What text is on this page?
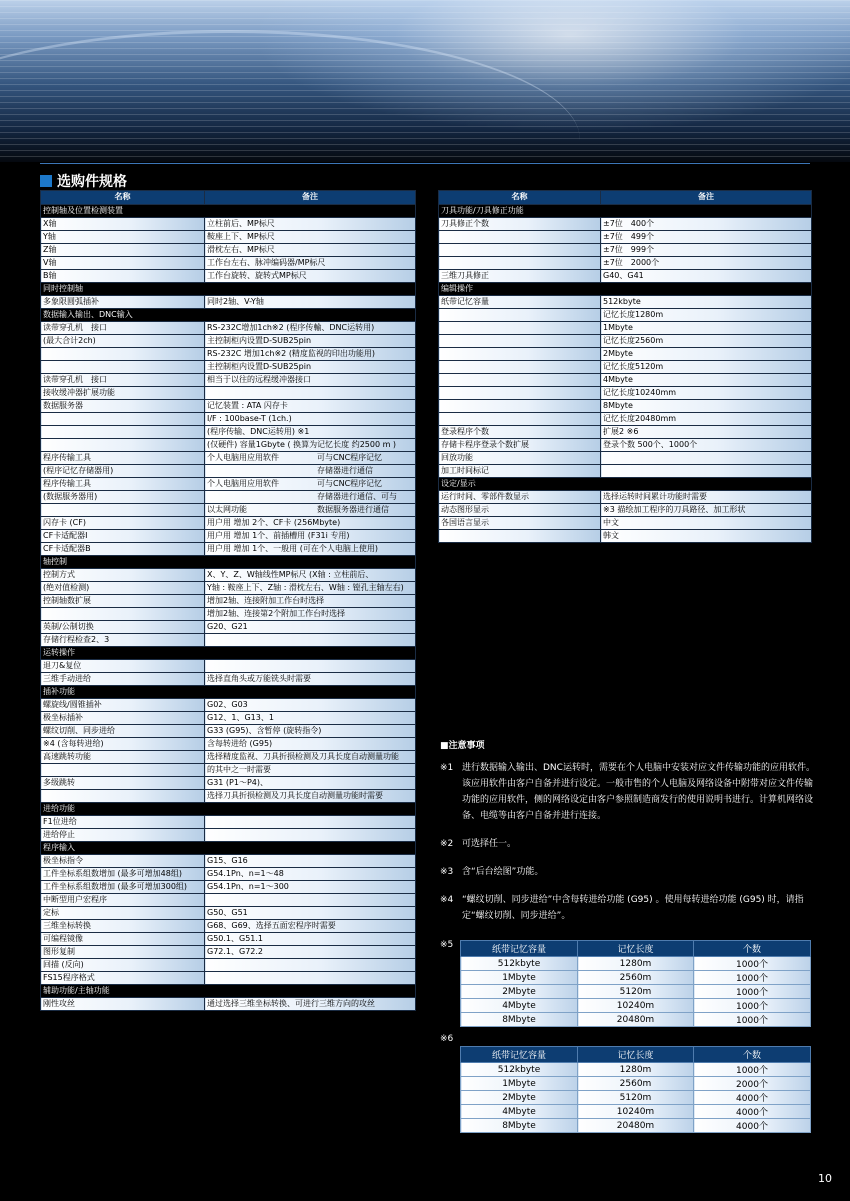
选购件规格
名称	备注
控制轴及位置检测装置	
X轴	立柱前后、MP标尺
Y轴	鞍座上下、MP标尺
Z轴	滑枕左右、MP标尺
V轴	工作台左右、脉冲编码器/MP标尺
B轴	工作台旋转、旋转式MP标尺
同时控制轴	
多象限圆弧插补	同时2轴、V-Y轴
数据输入输出、DNC输入	
读带穿孔机　接口	RS-232C增加1ch※2 (程序传輸、DNC运转用)
(最大合计2ch)	主控制柜内设置D-SUB25pin
	RS-232C 增加1ch※2 (精度监视的印出功能用)
	主控制柜内设置D-SUB25pin
读带穿孔机　接口	相当于以往的远程缓冲器接口
接收缓冲器扩展功能	
数据服务器	记忆装置 : ATA 闪存卡
	I/F : 100base-T (1ch.)
	(程序传输、DNC运转用) ※1
	(仅硬件) 容量1Gbyte ( 换算为记忆长度 约2500 m )
程序传输工具	个人电脑用应用软件 可与CNC程序记忆

(程序记忆存储器用)	存储器进行通信

程序传输工具	个人电脑用应用软件 可与CNC程序记忆

(数据服务器用)	存储器进行通信、可与

	以太网功能 数据服务器进行通信

闪存卡 (CF)	用户用 增加 2个、CF卡 (256Mbyte)
CF卡适配器I	用户用 增加 1个、前插槽用 (F31i 专用)
CF卡适配器B	用户用 增加 1个、一般用 (可在个人电脑上使用)
轴控制	
控制方式	X、Y、Z、W轴线性MP标尺 (X轴 : 立柱前后、
(绝对值检测)	Y轴 : 鞍座上下、Z轴 : 滑枕左右、W轴 : 镗孔主轴左右)
控制轴数扩展	增加2轴、连接附加工作台时选择
	增加2轴、连接第2个附加工作台时选择
英制/公制切换	G20、G21
存储行程检查2、3	
运转操作	
退刀&复位	
三维手动进给	选择直角头或万能铣头时需要
插补功能	
螺旋线/圆锥插补	G02、G03
极坐标插补	G12、1、G13、1
螺纹切削、同步进给	G33 (G95)、含暂停 (旋转指令)
※4 (含每转进给)	含每转进给 (G95)
高速跳转功能	选择精度监视、刀具折损检测及刀具长度自动测量功能
	的其中之一时需要
多级跳转	G31 (P1～P4)、
	选择刀具折损检测及刀具长度自动测量功能时需要
进给功能	
F1位进给	
进给停止	
程序输入	
极坐标指令	G15、G16
工件坐标系组数增加 (最多可增加48组)	G54.1Pn、n=1～48
工件坐标系组数增加 (最多可增加300组)	G54.1Pn、n=1～300
中断型用户宏程序	
定标	G50、G51
三维坐标转换	G68、G69、选择五面宏程序时需要
可编程镜像	G50.1、G51.1
图形复制	G72.1、G72.2
回描 (反向)	
FS15程序格式	
辅助功能/主轴功能	
刚性攻丝	通过选择三维坐标转换、可进行三维方向的攻丝
名称	备注
刀具功能/刀具修正功能	
刀具修正个数	±7位　400个
	±7位　499个
	±7位　999个
	±7位　2000个
三维刀具修正	G40、G41
编辑操作	
纸带记忆容量	512kbyte
	记忆长度1280m
	1Mbyte
	记忆长度2560m
	2Mbyte
	记忆长度5120m
	4Mbyte
	记忆长度10240mm
	8Mbyte
	记忆长度20480mm
登录程序个数	扩展2 ※6
存储卡程序登录个数扩展	登录个数 500个、1000个
回放功能	
加工时间标记	
设定/显示	
运行时间、零部件数显示	选择运转时间累计功能时需要
动态图形显示	※3 描绘加工程序的刀具路径、加工形状
各国语言显示	中文
	韩文
■注意事项
※1 进行数据输入输出、DNC运转时，需要在个人电脑中安装对应文件传输功能的应用软件。该应用软件由客户自备并进行设定。一般市售的个人电脑及网络设备中附带对应文件传输功能的应用软件，侧的网络设定由客户参照制造商发行的使用说明书进行。计算机网络设备、电缆等由客户自备并进行连接。
※2 可选择任一。
※3 含“后台绘图”功能。
※4 “螺纹切削、同步进给”中含每转进给功能 (G95) 。使用每转进给功能 (G95) 时，请指定“螺纹切削、同步进给”。
※5	纸带记忆容量	记忆长度	个数
512kbyte	1280m	1000个
1Mbyte	2560m	1000个
2Mbyte	5120m	1000个
4Mbyte	10240m	1000个
8Mbyte	20480m	1000个
※6
纸带记忆容量	记忆长度	个数
512kbyte	1280m	1000个
1Mbyte	2560m	2000个
2Mbyte	5120m	4000个
4Mbyte	10240m	4000个
8Mbyte	20480m	4000个
10
